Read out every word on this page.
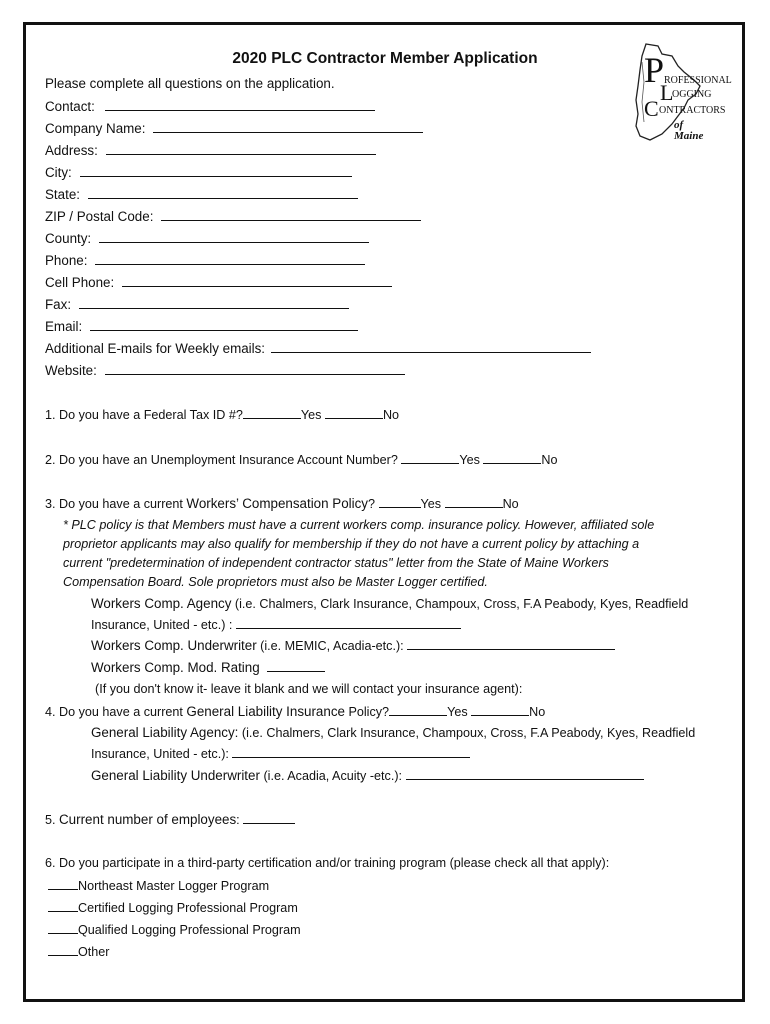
2020 PLC Contractor Member Application	P ROFESSIONAL
L
OGGING
C ONTRACTORS
of Maine
Please complete all questions on the application.
Contact:
Company Name:
Address:
City:
State:
ZIP / Postal Code:
County:
Phone:
Cell Phone:
Fax:
Email:
Additional E-mails for Weekly emails:
Website:
1. Do you have a Federal Tax ID #?	Yes	No
2. Do you have an Unemployment Insurance Account Number?	Yes	No
3. Do you have a current Workers’ Compensation Policy?	Yes	No
* PLC policy is that Members must have a current workers comp. insurance policy. However, affiliated sole
proprietor applicants may also qualify for membership if they do not have a current policy by attaching a
current "predetermination of independent contractor status" letter from the State of Maine Workers
Compensation Board. Sole proprietors must also be Master Logger certified.
Workers Comp. Agency (i.e. Chalmers, Clark Insurance, Champoux, Cross, F.A Peabody, Kyes, Readfield
Insurance, United - etc.) :
Workers Comp. Underwriter (i.e. MEMIC, Acadia-etc.):
Workers Comp. Mod. Rating
(If you don't know it- leave it blank and we will contact your insurance agent):
4. Do you have a current General Liability Insurance Policy?	Yes	No
General Liability Agency: (i.e. Chalmers, Clark Insurance, Champoux, Cross, F.A Peabody, Kyes, Readfield
Insurance, United - etc.):
General Liability Underwriter (i.e. Acadia, Acuity -etc.):
5. Current number of employees:
6. Do you participate in a third-party certification and/or training program (please check all that apply):
Northeast Master Logger Program
Certified Logging Professional Program
Qualified Logging Professional Program
Other
